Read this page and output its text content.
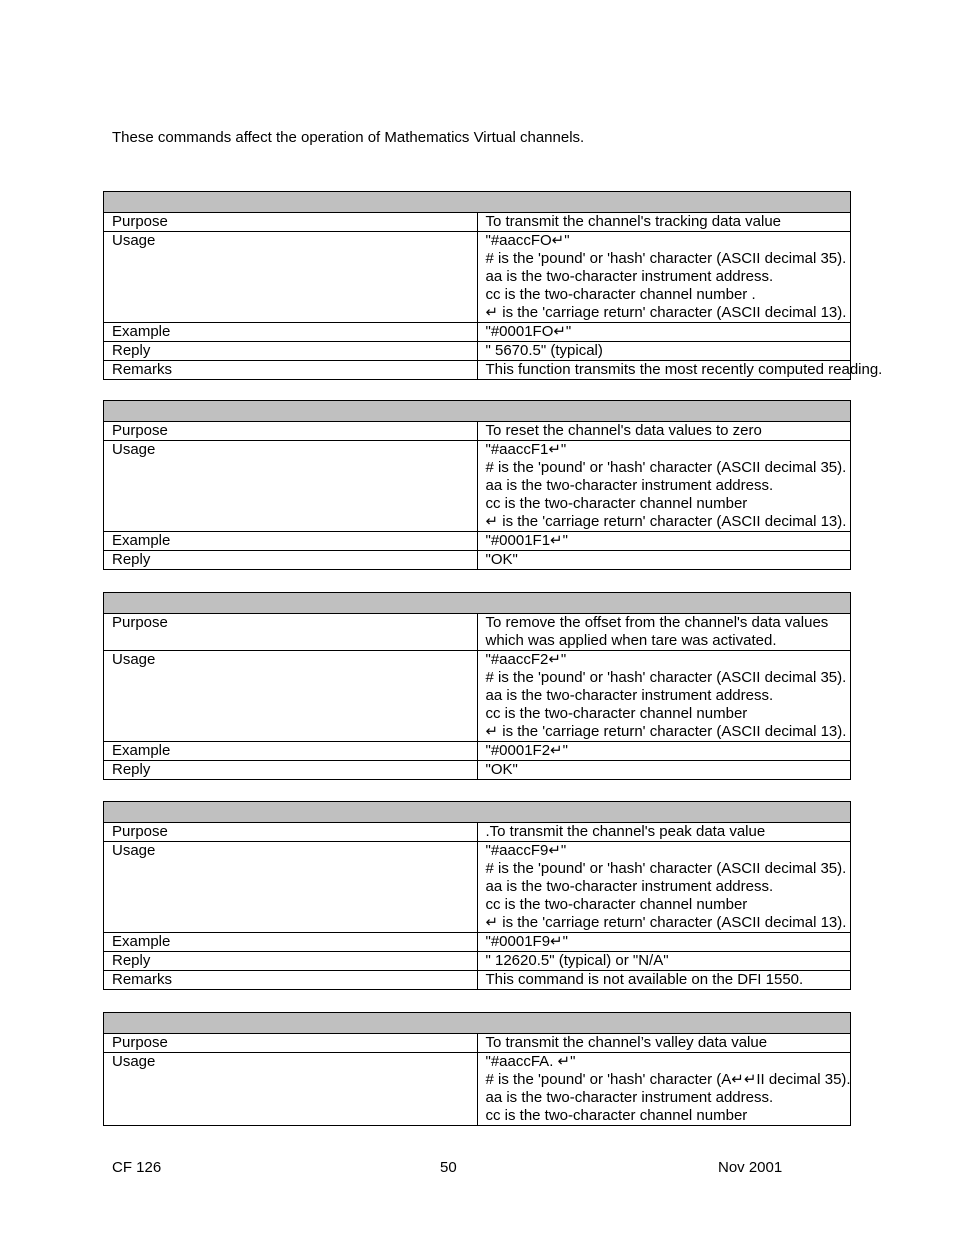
These commands affect the operation of Mathematics Virtual channels.

Purpose	To transmit the channel's tracking data value

Usage	"#aaccFO↵"
# is the 'pound' or 'hash' character (ASCII decimal 35).
aa is the two-character instrument address.
cc is the two-character channel number .
↵ is the 'carriage return' character (ASCII decimal 13).

Example	"#0001FO↵"

Reply	" 5670.5" (typical)

Remarks	This function transmits the most recently computed reading.

Purpose	To reset the channel's data values to zero

Usage	"#aaccF1↵"
# is the 'pound' or 'hash' character (ASCII decimal 35).
aa is the two-character instrument address.
cc is the two-character channel number
↵ is the 'carriage return' character (ASCII decimal 13).

Example	"#0001F1↵"

Reply	"OK"

Purpose	To remove the offset from the channel's data values which was applied when tare was activated.

Usage	"#aaccF2↵"
# is the 'pound' or 'hash' character (ASCII decimal 35).
aa is the two-character instrument address.
cc is the two-character channel number
↵ is the 'carriage return' character (ASCII decimal 13).

Example	"#0001F2↵"

Reply	"OK"

Purpose	.To transmit the channel's peak data value

Usage	"#aaccF9↵"
# is the 'pound' or 'hash' character (ASCII decimal 35).
aa is the two-character instrument address.
cc is the two-character channel number
↵ is the 'carriage return' character (ASCII decimal 13).

Example	"#0001F9↵"

Reply	" 12620.5" (typical) or "N/A"

Remarks	This command is not available on the DFI 1550.

Purpose	To transmit the channel’s valley data value

Usage	"#aaccFA. ↵"
# is the 'pound' or 'hash' character (A↵↵II decimal 35).
aa is the two-character instrument address.
cc is the two-character channel number
CF 126	50	Nov 2001
